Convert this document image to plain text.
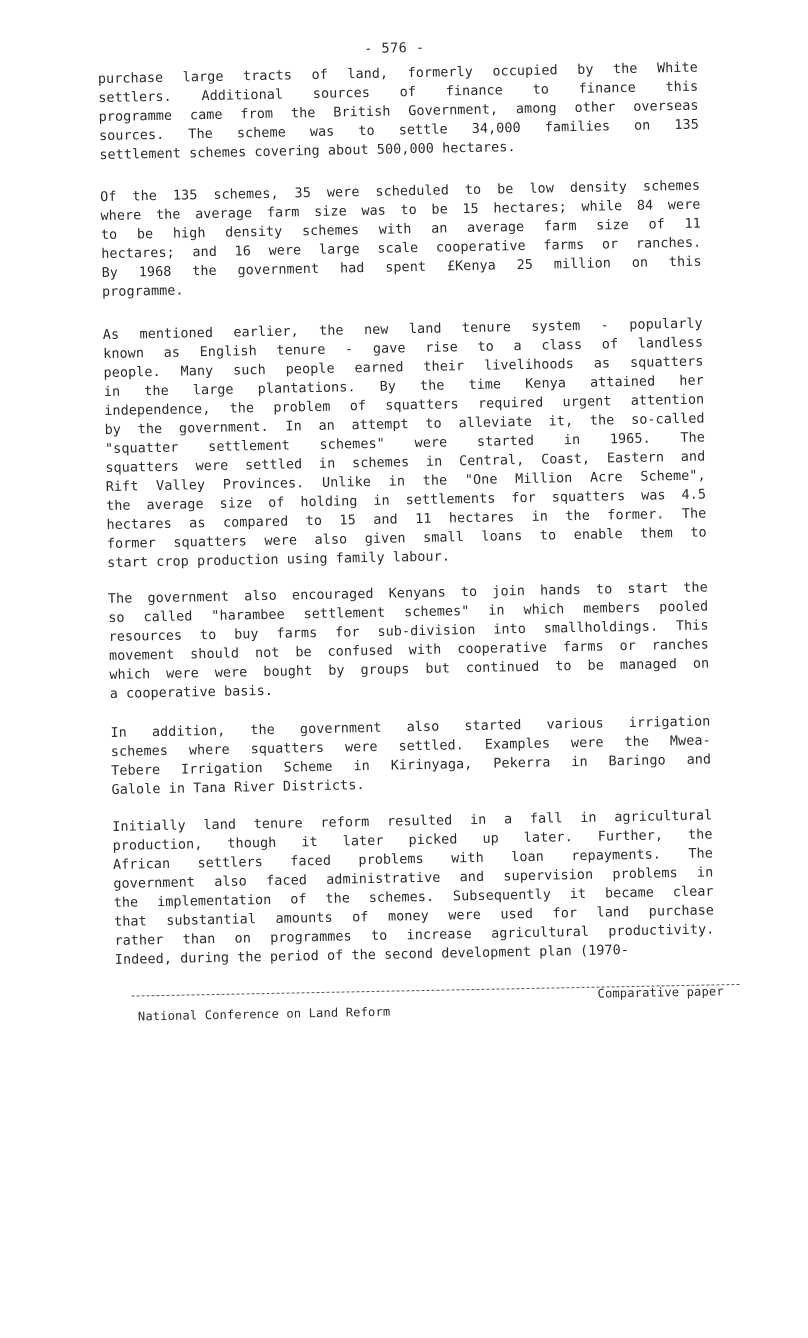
- 576 -
purchase large tracts of land, formerly occupied by the White
settlers. Additional sources of finance to finance this
programme came from the British Government, among other overseas
sources. The scheme was to settle 34,000 families on 135
settlement schemes covering about 500,000 hectares.
Of the 135 schemes, 35 were scheduled to be low density schemes
where the average farm size was to be 15 hectares; while 84 were
to be high density schemes with an average farm size of 11
hectares; and 16 were large scale cooperative farms or ranches.
By 1968 the government had spent £Kenya 25 million on this
programme.
As mentioned earlier, the new land tenure system - popularly
known as English tenure - gave rise to a class of landless
people. Many such people earned their livelihoods as squatters
in the large plantations. By the time Kenya attained her
independence, the problem of squatters required urgent attention
by the government. In an attempt to alleviate it, the so-called
"squatter settlement schemes" were started in 1965. The
squatters were settled in schemes in Central, Coast, Eastern and
Rift Valley Provinces. Unlike in the "One Million Acre Scheme",
the average size of holding in settlements for squatters was 4.5
hectares as compared to 15 and 11 hectares in the former. The
former squatters were also given small loans to enable them to
start crop production using family labour.
The government also encouraged Kenyans to join hands to start the
so called "harambee settlement schemes" in which members pooled
resources to buy farms for sub-division into smallholdings. This
movement should not be confused with cooperative farms or ranches
which were were bought by groups but continued to be managed on
a cooperative basis.
In addition, the government also started various irrigation
schemes where squatters were settled. Examples were the Mwea-
Tebere Irrigation Scheme in Kirinyaga, Pekerra in Baringo and
Galole in Tana River Districts.
Initially land tenure reform resulted in a fall in agricultural
production, though it later picked up later. Further, the
African settlers faced problems with loan repayments. The
government also faced administrative and supervision problems in
the implementation of the schemes. Subsequently it became clear
that substantial amounts of money were used for land purchase
rather than on programmes to increase agricultural productivity.
Indeed, during the period of the second development plan (1970-
Comparative paper
National Conference on Land Reform
